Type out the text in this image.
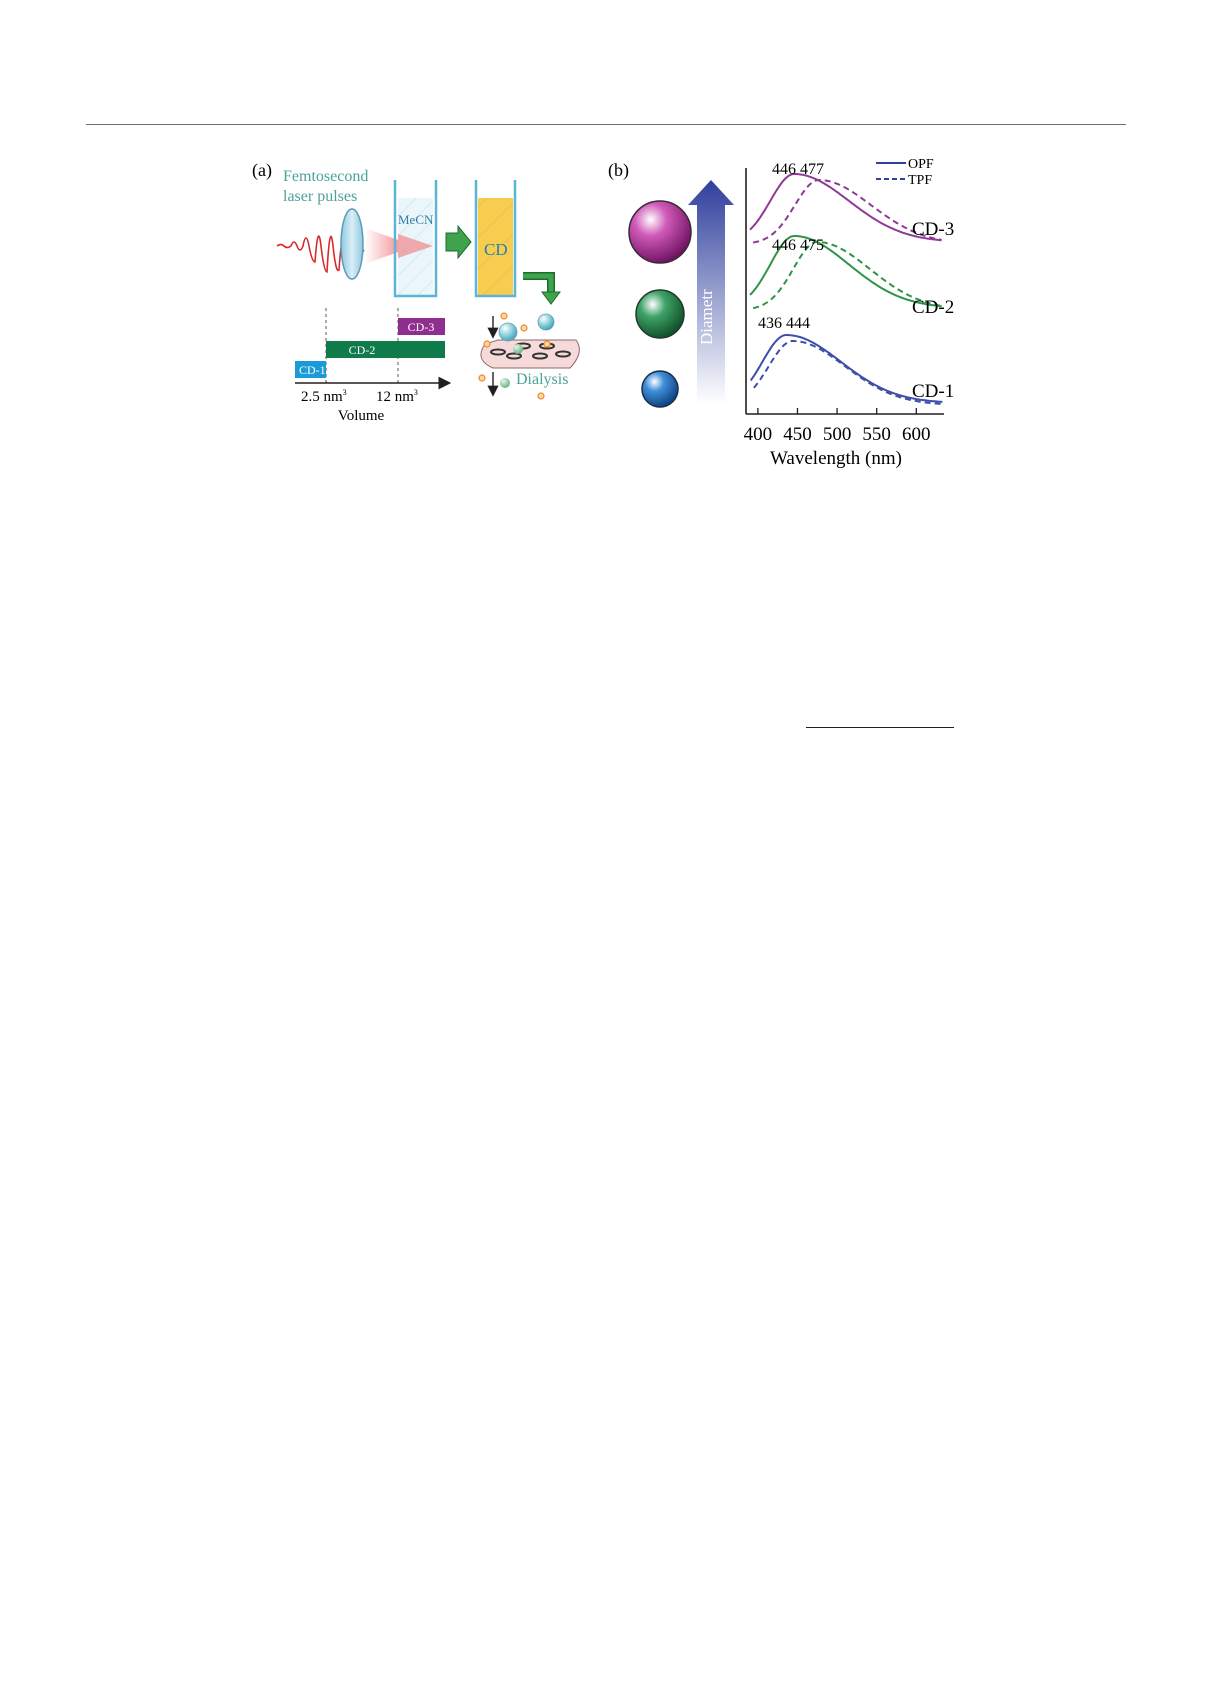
(a) Femtosecond
laser pulses
MeCN
CD
Dialysis
CD-3
CD-2
CD-1
2.5 $nm^3$ 12 $nm^3$
Volume
(b)
Diametr
CD-3
446 477
CD-2
446 475
CD-1
436 444
400 450 500 550 600
OPF
TPF
Wavelength (nm)
